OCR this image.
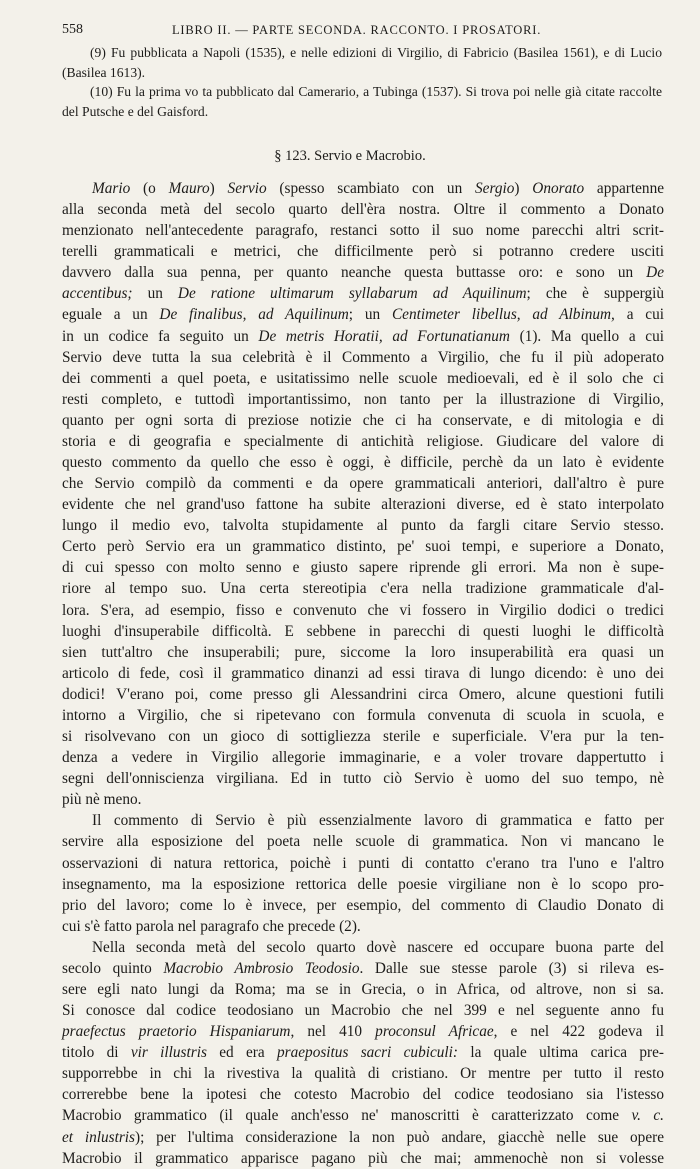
558	LIBRO II. — PARTE SECONDA. RACCONTO. I PROSATORI.

(9) Fu pubblicata a Napoli (1535), e nelle edizioni di Virgilio, di Fabricio (Basilea 1561), e di Lucio (Basilea 1613).

(10) Fu la prima vo ta pubblicato dal Camerario, a Tubinga (1537). Si trova poi nelle già citate raccolte del Putsche e del Gaisford.

§ 123. Servio e Macrobio.
Mario (o Mauro) Servio (spesso scambiato con un Sergio) Onorato appartenne
alla seconda metà del secolo quarto dell'èra nostra. Oltre il commento a Donato
menzionato nell'antecedente paragrafo, restanci sotto il suo nome parecchi altri scrit-
terelli grammaticali e metrici, che difficilmente però si potranno credere usciti
davvero dalla sua penna, per quanto neanche questa buttasse oro: e sono un De
accentibus; un De ratione ultimarum syllabarum ad Aquilinum; che è suppergiù
eguale a un De finalibus, ad Aquilinum; un Centimeter libellus, ad Albinum, a cui
in un codice fa seguito un De metris Horatii, ad Fortunatianum (1). Ma quello a cui
Servio deve tutta la sua celebrità è il Commento a Virgilio, che fu il più adoperato
dei commenti a quel poeta, e usitatissimo nelle scuole medioevali, ed è il solo che ci
resti completo, e tuttodì importantissimo, non tanto per la illustrazione di Virgilio,
quanto per ogni sorta di preziose notizie che ci ha conservate, e di mitologia e di
storia e di geografia e specialmente di antichità religiose. Giudicare del valore di
questo commento da quello che esso è oggi, è difficile, perchè da un lato è evidente
che Servio compilò da commenti e da opere grammaticali anteriori, dall'altro è pure
evidente che nel grand'uso fattone ha subite alterazioni diverse, ed è stato interpolato
lungo il medio evo, talvolta stupidamente al punto da fargli citare Servio stesso.
Certo però Servio era un grammatico distinto, pe' suoi tempi, e superiore a Donato,
di cui spesso con molto senno e giusto sapere riprende gli errori. Ma non è supe-
riore al tempo suo. Una certa stereotipia c'era nella tradizione grammaticale d'al-
lora. S'era, ad esempio, fisso e convenuto che vi fossero in Virgilio dodici o tredici
luoghi d'insuperabile difficoltà. E sebbene in parecchi di questi luoghi le difficoltà
sien tutt'altro che insuperabili; pure, siccome la loro insuperabilità era quasi un
articolo di fede, così il grammatico dinanzi ad essi tirava di lungo dicendo: è uno dei
dodici! V'erano poi, come presso gli Alessandrini circa Omero, alcune questioni futili
intorno a Virgilio, che si ripetevano con formula convenuta di scuola in scuola, e
si risolvevano con un gioco di sottigliezza sterile e superficiale. V'era pur la ten-
denza a vedere in Virgilio allegorie immaginarie, e a voler trovare dappertutto i
segni dell'onniscienza virgiliana. Ed in tutto ciò Servio è uomo del suo tempo, nè
più nè meno.
Il commento di Servio è più essenzialmente lavoro di grammatica e fatto per
servire alla esposizione del poeta nelle scuole di grammatica. Non vi mancano le
osservazioni di natura rettorica, poichè i punti di contatto c'erano tra l'uno e l'altro
insegnamento, ma la esposizione rettorica delle poesie virgiliane non è lo scopo pro-
prio del lavoro; come lo è invece, per esempio, del commento di Claudio Donato di
cui s'è fatto parola nel paragrafo che precede (2).
Nella seconda metà del secolo quarto dovè nascere ed occupare buona parte del
secolo quinto Macrobio Ambrosio Teodosio. Dalle sue stesse parole (3) si rileva es-
sere egli nato lungi da Roma; ma se in Grecia, o in Africa, od altrove, non si sa.
Si conosce dal codice teodosiano un Macrobio che nel 399 e nel seguente anno fu
praefectus praetorio Hispaniarum, nel 410 proconsul Africae, e nel 422 godeva il
titolo di vir illustris ed era praepositus sacri cubiculi: la quale ultima carica pre-
supporrebbe in chi la rivestiva la qualità di cristiano. Or mentre per tutto il resto
correrebbe bene la ipotesi che cotesto Macrobio del codice teodosiano sia l'istesso
Macrobio grammatico (il quale anch'esso ne' manoscritti è caratterizzato come v. c.
et inlustris); per l'ultima considerazione la non può andare, giacchè nelle sue opere
Macrobio il grammatico apparisce pagano più che mai; ammenochè non si volesse
